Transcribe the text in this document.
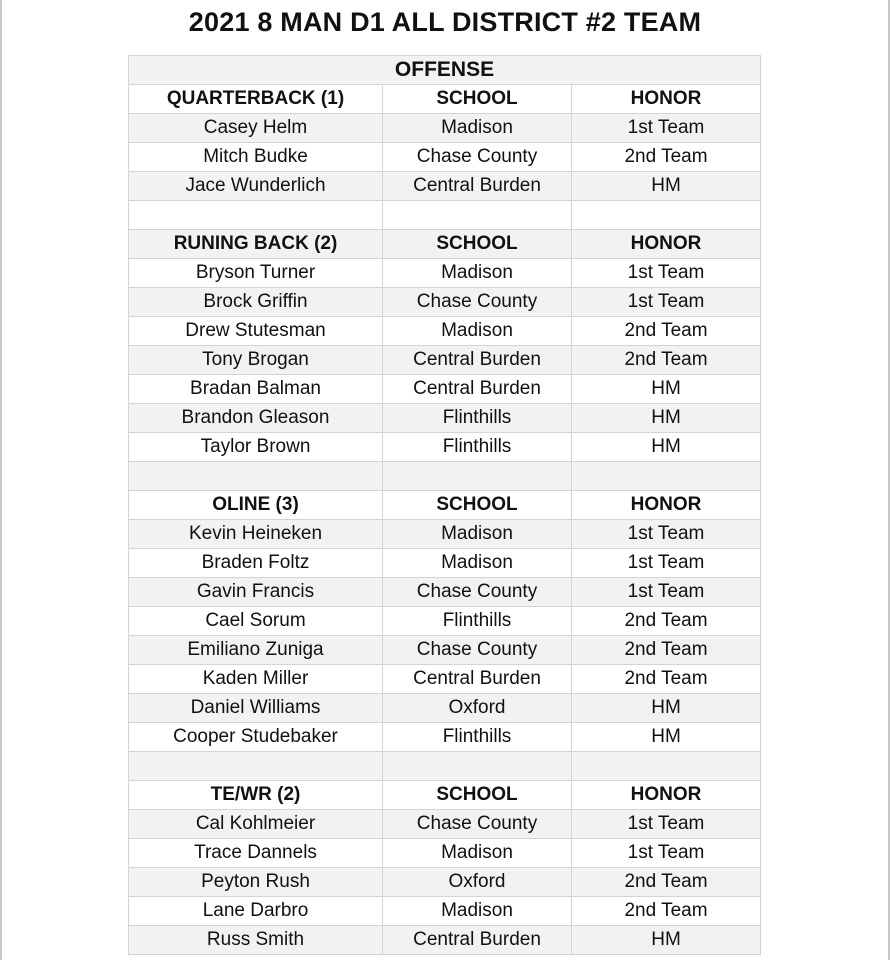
2021 8 MAN D1 ALL DISTRICT #2 TEAM
OFFENSE		
QUARTERBACK (1)	SCHOOL	HONOR
Casey Helm	Madison	1st Team
Mitch Budke	Chase County	2nd Team
Jace Wunderlich	Central Burden	HM

RUNING BACK (2)	SCHOOL	HONOR
Bryson Turner	Madison	1st Team
Brock Griffin	Chase County	1st Team
Drew Stutesman	Madison	2nd Team
Tony Brogan	Central Burden	2nd Team
Bradan Balman	Central Burden	HM
Brandon Gleason	Flinthills	HM
Taylor Brown	Flinthills	HM

OLINE (3)	SCHOOL	HONOR
Kevin Heineken	Madison	1st Team
Braden Foltz	Madison	1st Team
Gavin Francis	Chase County	1st Team
Cael Sorum	Flinthills	2nd Team
Emiliano Zuniga	Chase County	2nd Team
Kaden Miller	Central Burden	2nd Team
Daniel Williams	Oxford	HM
Cooper Studebaker	Flinthills	HM

TE/WR (2)	SCHOOL	HONOR
Cal Kohlmeier	Chase County	1st Team
Trace Dannels	Madison	1st Team
Peyton Rush	Oxford	2nd Team
Lane Darbro	Madison	2nd Team
Russ Smith	Central Burden	HM
